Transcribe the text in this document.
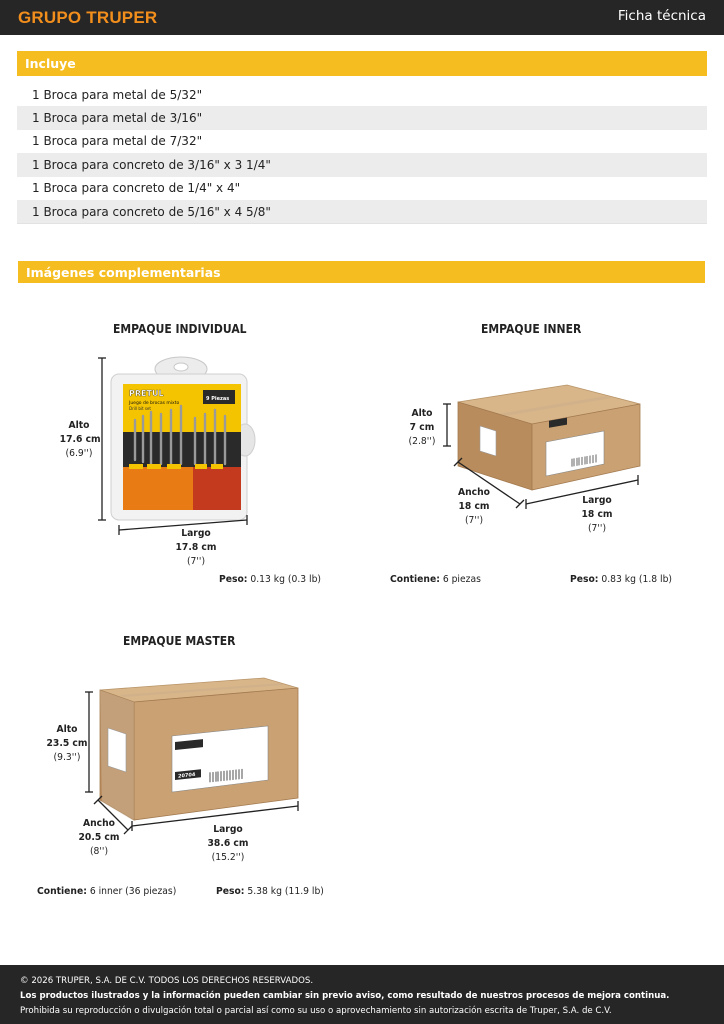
GRUPO TRUPER	Ficha técnica
Incluye
1 Broca para metal de 5/32"
1 Broca para metal de 3/16"
1 Broca para metal de 7/32"
1 Broca para concreto de 3/16" x 3 1/4"
1 Broca para concreto de 1/4" x 4"
1 Broca para concreto de 5/16" x 4 5/8"
Imágenes complementarias
EMPAQUE INDIVIDUAL
PRETUL
Juego de brocas mixto
Drill bit set
9 Piezas
Alto
17.6 cm
(6.9'')
Largo
17.8 cm
(7'')
Peso: 0.13 kg (0.3 lb)
EMPAQUE INNER
PRETUL
Alto
7 cm
(2.8'')
Ancho
18 cm
(7'')
Largo
18 cm
(7'')
Contiene: 6 piezas	Peso: 0.83 kg (1.8 lb)
EMPAQUE MASTER
PRETUL
20704
Alto
23.5 cm
(9.3'')
Ancho
20.5 cm
(8'')
Largo
38.6 cm
(15.2'')
Contiene: 6 inner (36 piezas)	Peso: 5.38 kg (11.9 lb)
© 2026 TRUPER, S.A. DE C.V. TODOS LOS DERECHOS RESERVADOS.
Los productos ilustrados y la información pueden cambiar sin previo aviso, como resultado de nuestros procesos de mejora continua.
Prohibida su reproducción o divulgación total o parcial así como su uso o aprovechamiento sin autorización escrita de Truper, S.A. de C.V.
